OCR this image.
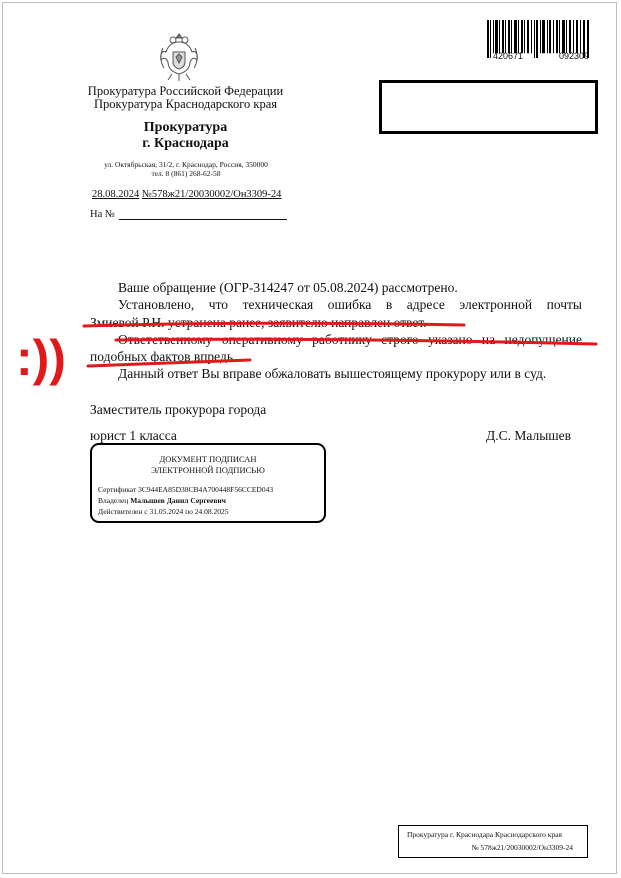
420671	092309
Прокуратура Российской Федерации
Прокуратура Краснодарского края
Прокуратура
г. Краснодара
ул. Октябрьская, 31/2, г. Краснодар, Россия, 350000
тел. 8 (861) 268-62-58
28.08.2024 №578ж21/20030002/Он3309-24
На №
Ваше обращение (ОГР-314247 от 05.08.2024) рассмотрено.
Установлено, что техническая ошибка в адресе электронной почты
Змиевой Р.Н. устранена ранее, заявителю направлен ответ.
Ответственному оперативному работнику строго указано на недопущение
подобных фактов впредь.
Данный ответ Вы вправе обжаловать вышестоящему прокурору или в суд.
Заместитель прокурора города
юрист 1 класса	Д.С. Малышев
ДОКУМЕНТ ПОДПИСАН
ЭЛЕКТРОННОЙ ПОДПИСЬЮ
Сертификат 3C944EA85D38CB4A700448F56CCED043
Владелец Малышев Данил Сергеевич
Действителен с 31.05.2024 по 24.08.2025
:))
Прокуратура г. Краснодара Краснодарского края
№ 578ж21/20030002/Он3309-24
